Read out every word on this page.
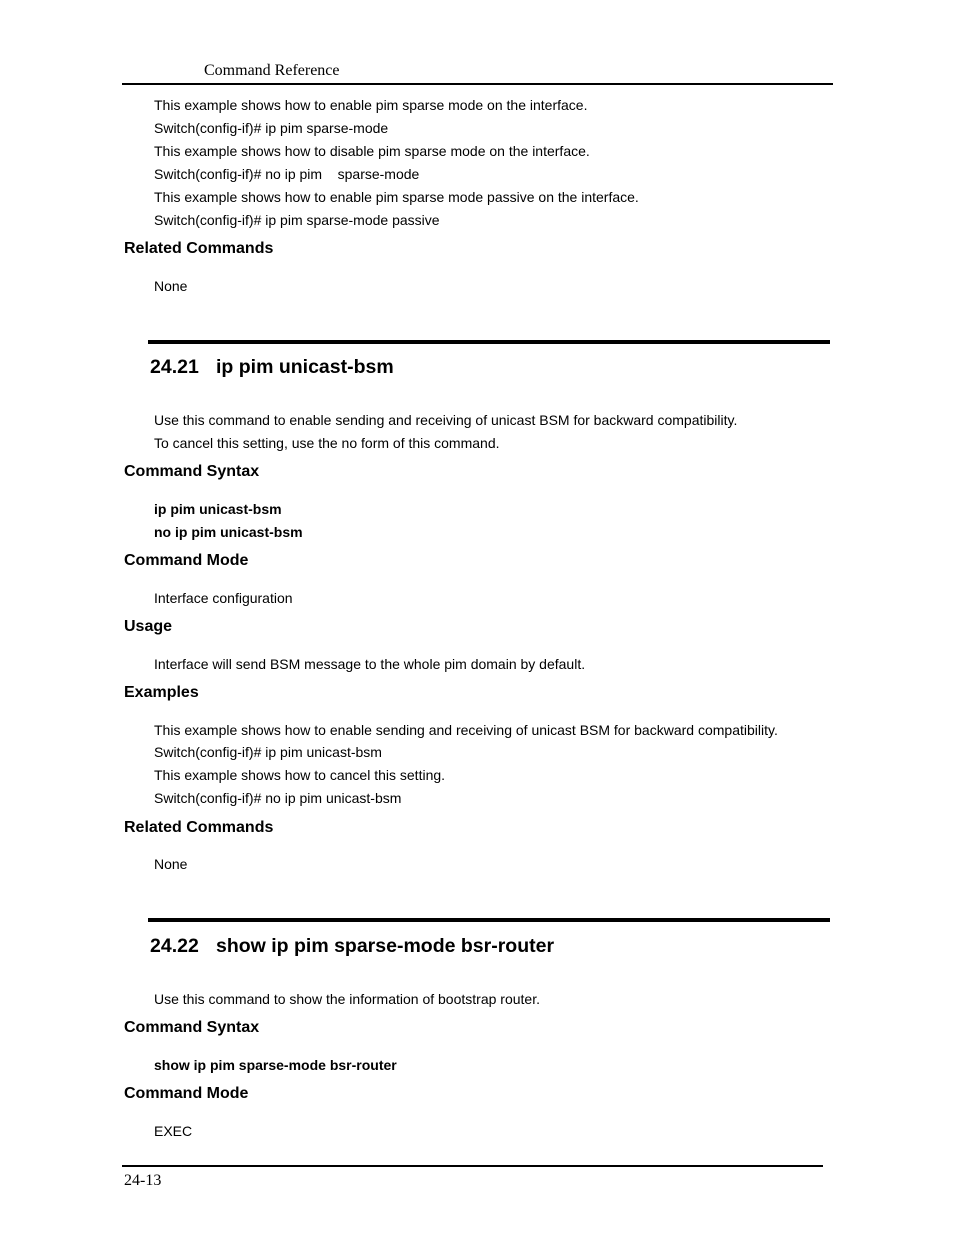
Command Reference
This example shows how to enable pim sparse mode on the interface.
Switch(config-if)# ip pim sparse-mode
This example shows how to disable pim sparse mode on the interface.
Switch(config-if)# no ip pim    sparse-mode
This example shows how to enable pim sparse mode passive on the interface.
Switch(config-if)# ip pim sparse-mode passive
Related Commands
None
24.21 ip pim unicast-bsm
Use this command to enable sending and receiving of unicast BSM for backward compatibility.
To cancel this setting, use the no form of this command.
Command Syntax
ip pim unicast-bsm
no ip pim unicast-bsm
Command Mode
Interface configuration
Usage
Interface will send BSM message to the whole pim domain by default.
Examples
This example shows how to enable sending and receiving of unicast BSM for backward compatibility.
Switch(config-if)# ip pim unicast-bsm
This example shows how to cancel this setting.
Switch(config-if)# no ip pim unicast-bsm
Related Commands
None
24.22 show ip pim sparse-mode bsr-router
Use this command to show the information of bootstrap router.
Command Syntax
show ip pim sparse-mode bsr-router
Command Mode
EXEC
24-13
